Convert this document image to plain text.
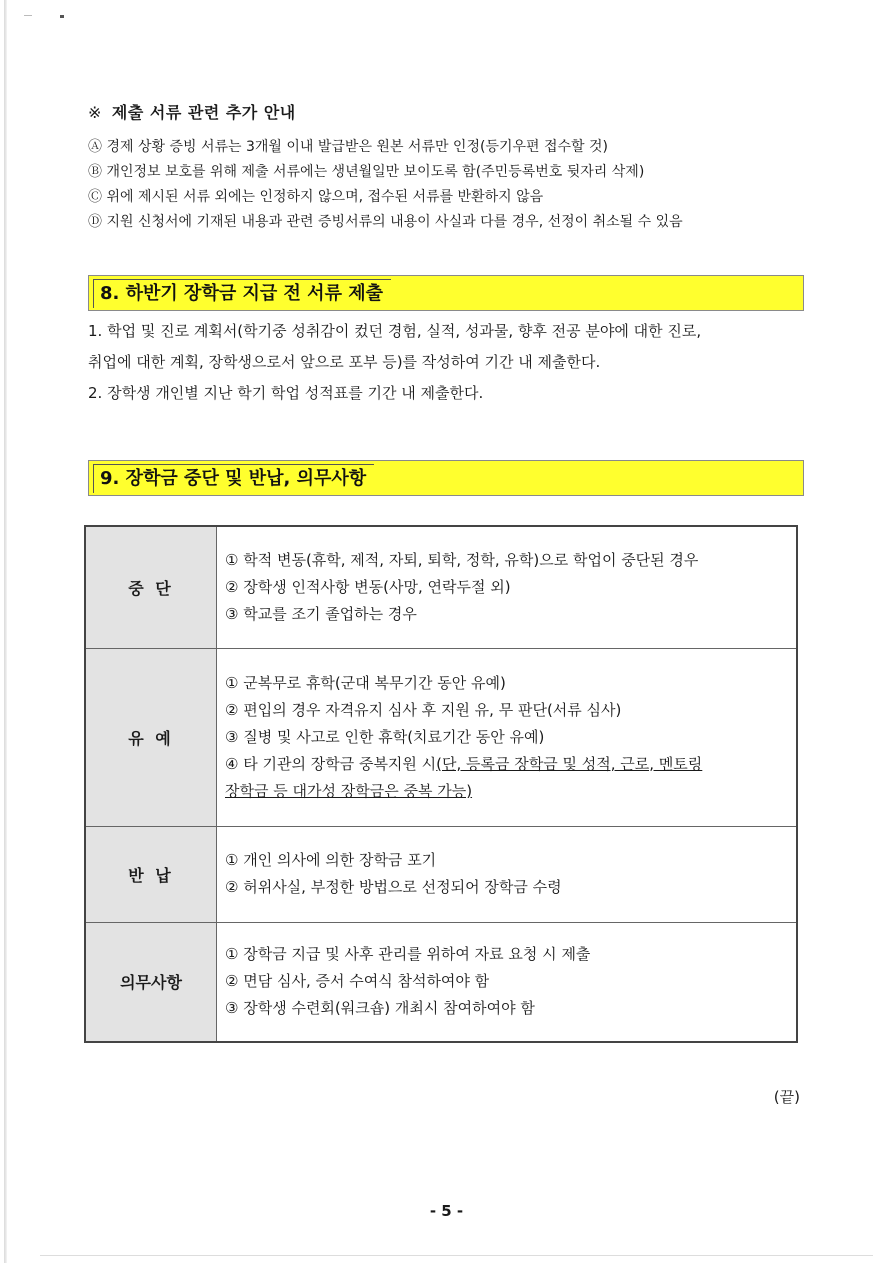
※ 제출 서류 관련 추가 안내
Ⓐ 경제 상황 증빙 서류는 3개월 이내 발급받은 원본 서류만 인정(등기우편 접수할 것)
Ⓑ 개인정보 보호를 위해 제출 서류에는 생년월일만 보이도록 함(주민등록번호 뒷자리 삭제)
Ⓒ 위에 제시된 서류 외에는 인정하지 않으며, 접수된 서류를 반환하지 않음
Ⓓ 지원 신청서에 기재된 내용과 관련 증빙서류의 내용이 사실과 다를 경우, 선정이 취소될 수 있음
8. 하반기 장학금 지급 전 서류 제출
1. 학업 및 진로 계획서(학기중 성취감이 컸던 경험, 실적, 성과물, 향후 전공 분야에 대한 진로,
취업에 대한 계획, 장학생으로서 앞으로 포부 등)를 작성하여 기간 내 제출한다.
2. 장학생 개인별 지난 학기 학업 성적표를 기간 내 제출한다.
9. 장학금 중단 및 반납, 의무사항
중 단	① 학적 변동(휴학, 제적, 자퇴, 퇴학, 정학, 유학)으로 학업이 중단된 경우
② 장학생 인적사항 변동(사망, 연락두절 외)
③ 학교를 조기 졸업하는 경우

유 예	① 군복무로 휴학(군대 복무기간 동안 유예)
② 편입의 경우 자격유지 심사 후 지원 유, 무 판단(서류 심사)
③ 질병 및 사고로 인한 휴학(치료기간 동안 유예)
④ 타 기관의 장학금 중복지원 시(단, 등록금 장학금 및 성적, 근로, 멘토링
장학금 등 대가성 장학금은 중복 가능)

반 납	① 개인 의사에 의한 장학금 포기
② 허위사실, 부정한 방법으로 선정되어 장학금 수령

의무사항	① 장학금 지급 및 사후 관리를 위하여 자료 요청 시 제출
② 면담 심사, 증서 수여식 참석하여야 함
③ 장학생 수련회(워크숍) 개최시 참여하여야 함
(끝)
- 5 -
